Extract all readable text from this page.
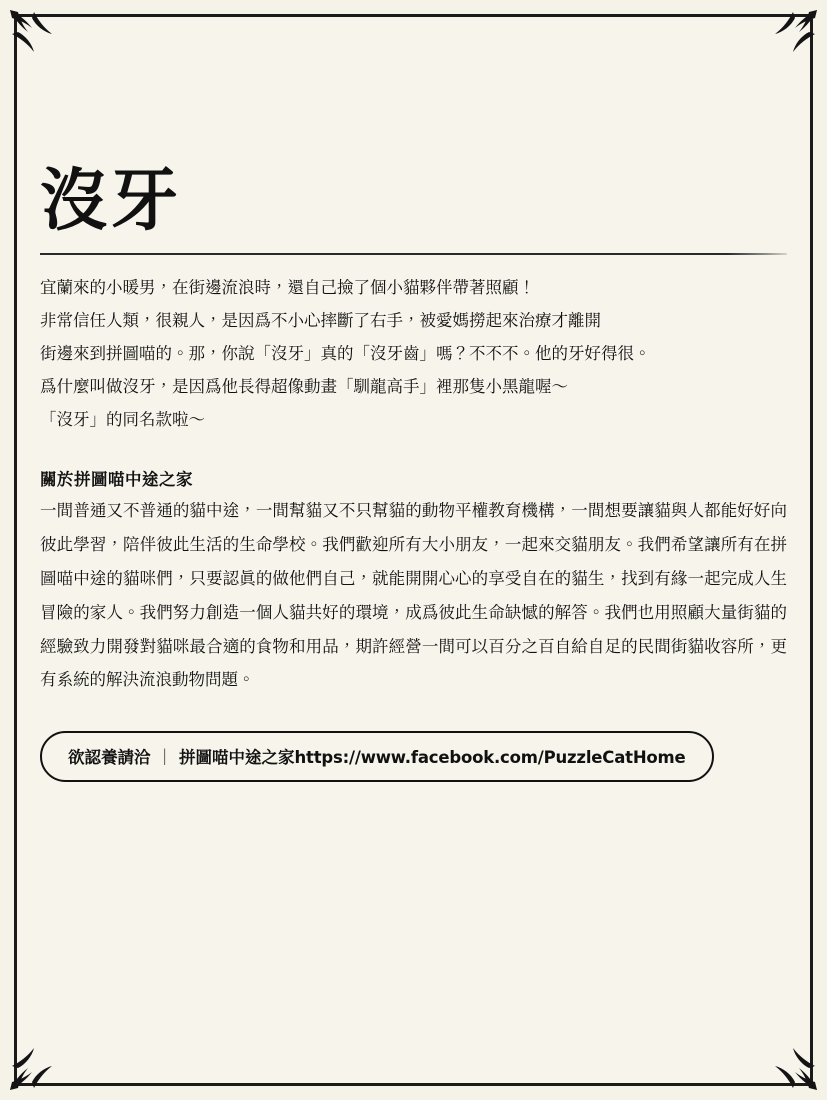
沒牙

宜蘭來的小暖男，在街邊流浪時，還自己撿了個小貓夥伴帶著照顧！

非常信任人類，很親人，是因爲不小心摔斷了右手，被愛媽撈起來治療才離開

街邊來到拼圖喵的。那，你說「沒牙」真的「沒牙齒」嗎？不不不。他的牙好得很。

爲什麼叫做沒牙，是因爲他長得超像動畫「馴龍高手」裡那隻小黑龍喔～

「沒牙」的同名款啦～

關於拼圖喵中途之家

一間普通又不普通的貓中途，一間幫貓又不只幫貓的動物平權教育機構，一間想要讓貓與人都能好好向彼此學習，陪伴彼此生活的生命學校。我們歡迎所有大小朋友，一起來交貓朋友。我們希望讓所有在拼圖喵中途的貓咪們，只要認眞的做他們自己，就能開開心心的享受自在的貓生，找到有緣一起完成人生冒險的家人。我們努力創造一個人貓共好的環境，成爲彼此生命缺憾的解答。我們也用照顧大量街貓的經驗致力開發對貓咪最合適的食物和用品，期許經營一間可以百分之百自給自足的民間街貓收容所，更有系統的解決流浪動物問題。

欲認養請洽 ｜ 拼圖喵中途之家https://www.facebook.com/PuzzleCatHome
